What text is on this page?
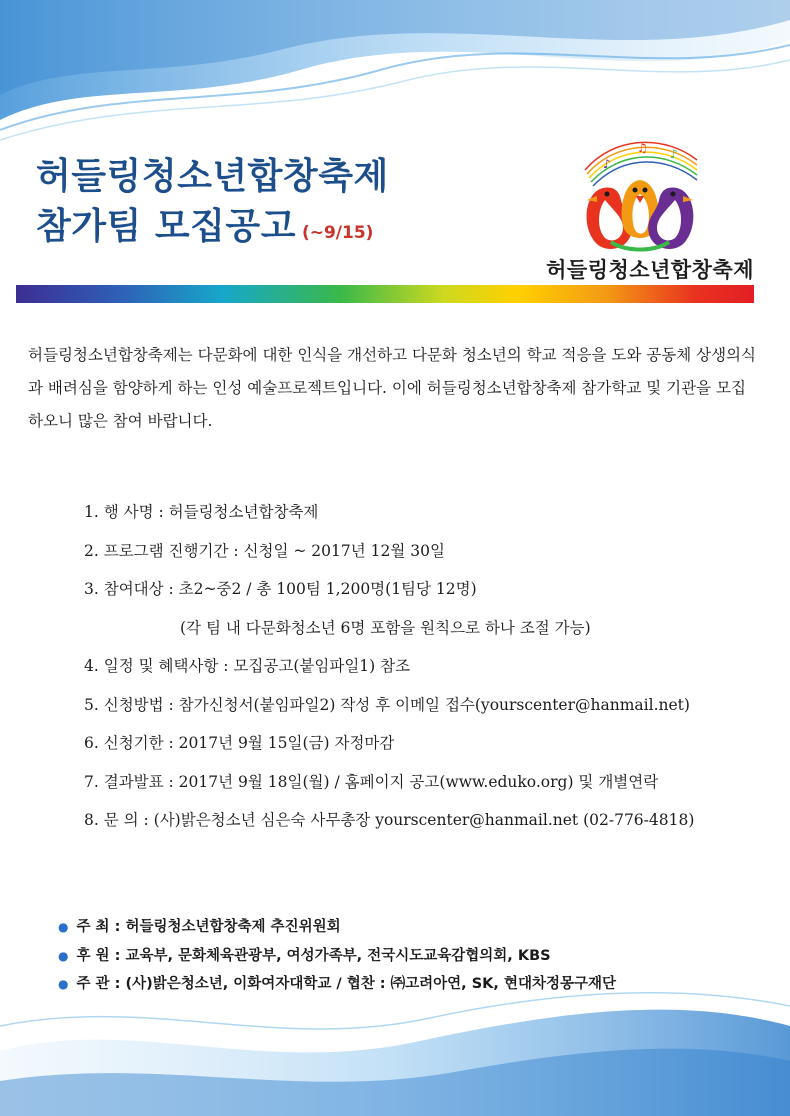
허들링청소년합창축제
참가팀 모집공고 (~9/15)
♪
♫ ♪

허들링청소년합창축제

허들링청소년합창축제는 다문화에 대한 인식을 개선하고 다문화 청소년의 학교 적응을 도와 공동체 상생의식과 배려심을 함양하게 하는 인성 예술프로젝트입니다. 이에 허들링청소년합창축제 참가학교 및 기관을 모집하오니 많은 참여 바랍니다.

1. 행 사명 : 허들링청소년합창축제
2. 프로그램 진행기간 : 신청일 ~ 2017년 12월 30일
3. 참여대상 : 초2~중2 / 총 100팀 1,200명(1팀당 12명)
(각 팀 내 다문화청소년 6명 포함을 원칙으로 하나 조절 가능)
4. 일정 및 혜택사항 : 모집공고(붙임파일1) 참조
5. 신청방법 : 참가신청서(붙임파일2) 작성 후 이메일 접수(yourscenter@hanmail.net)
6. 신청기한 : 2017년 9월 15일(금) 자정마감
7. 결과발표 : 2017년 9월 18일(월) / 홈페이지 공고(www.eduko.org) 및 개별연락
8. 문 의 : (사)밝은청소년 심은숙 사무총장 yourscenter@hanmail.net (02-776-4818)
● 주 최 : 허들링청소년합창축제 추진위원회
● 후 원 : 교육부, 문화체육관광부, 여성가족부, 전국시도교육감협의회, KBS
● 주 관 : (사)밝은청소년, 이화여자대학교 / 협찬 : ㈜고려아연, SK, 현대차정몽구재단
